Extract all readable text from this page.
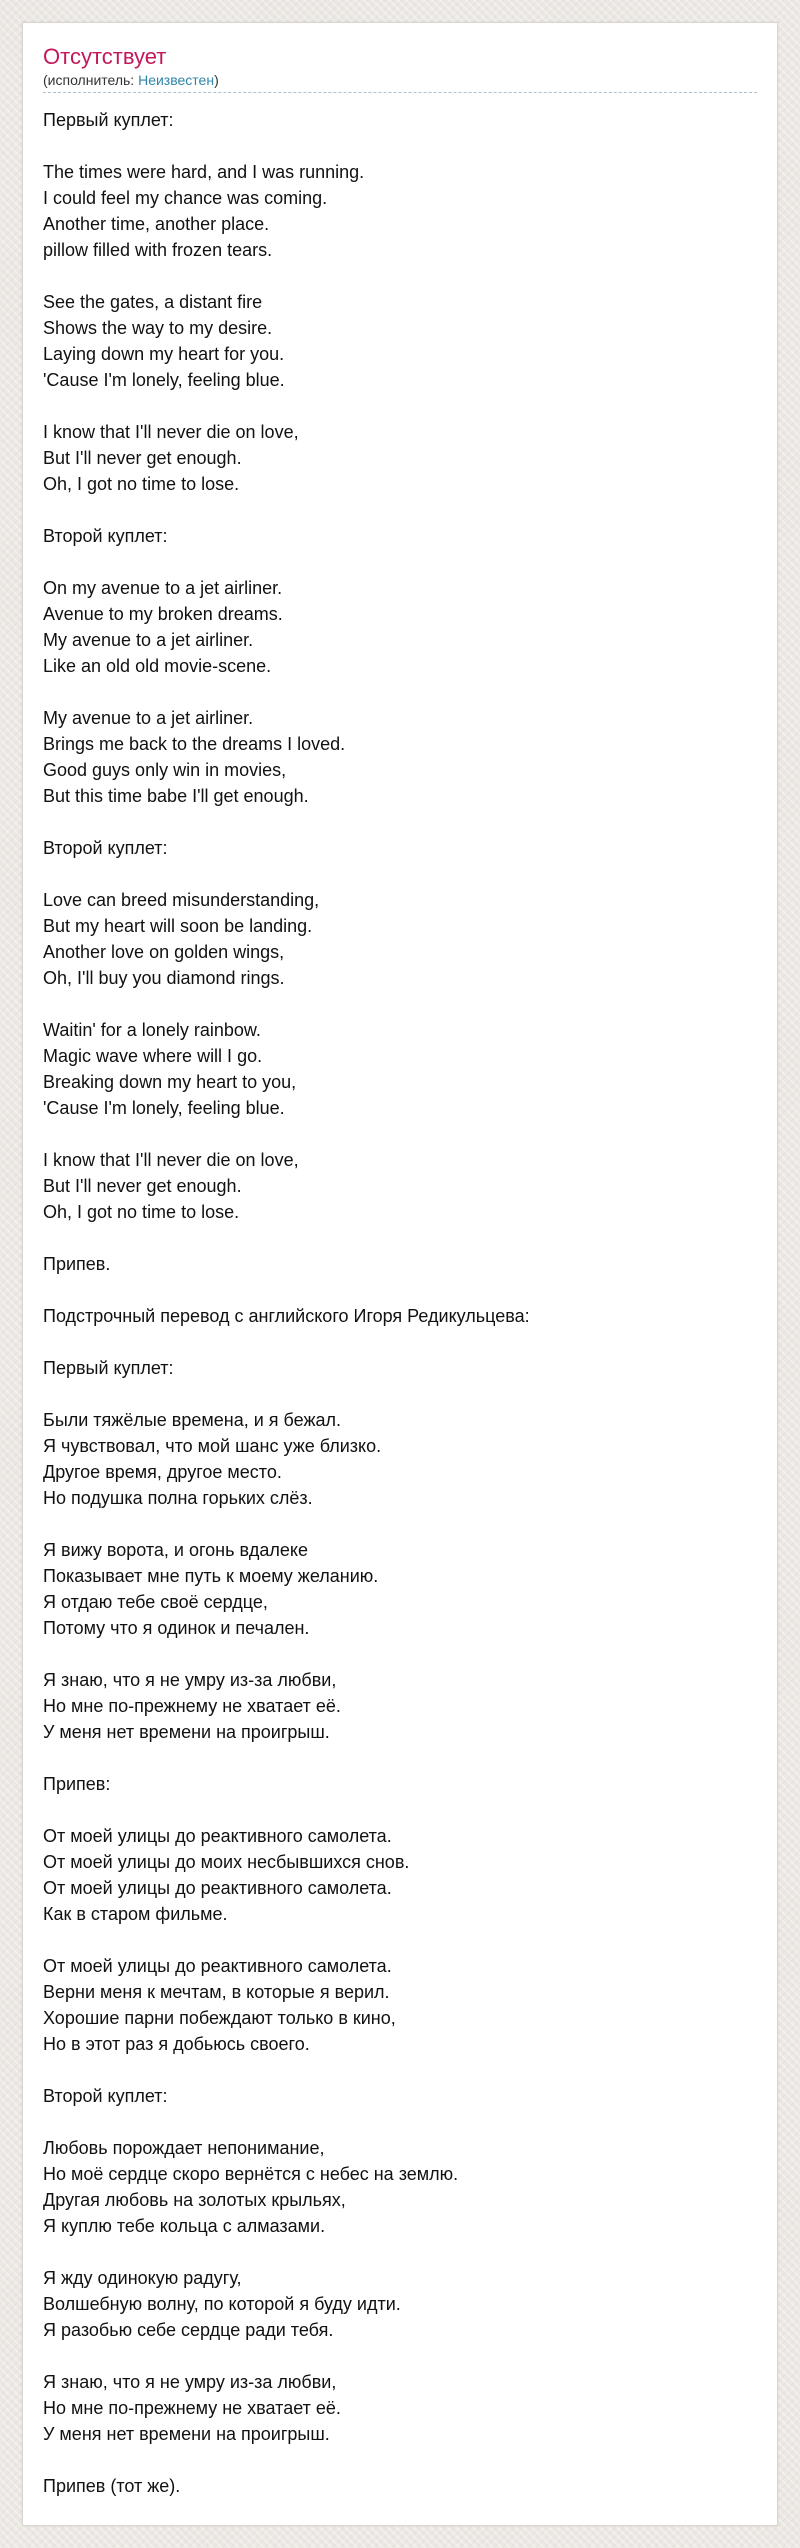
Отсутствует
(исполнитель: Неизвестен)
Первый куплет:
The times were hard, and I was running.
I could feel my chance was coming.
Another time, another place.
pillow filled with frozen tears.
See the gates, a distant fire
Shows the way to my desire.
Laying down my heart for you.
'Cause I'm lonely, feeling blue.
I know that I'll never die on love,
But I'll never get enough.
Oh, I got no time to lose.
Второй куплет:
On my avenue to a jet airliner.
Avenue to my broken dreams.
My avenue to a jet airliner.
Like an old old movie-scene.
My avenue to a jet airliner.
Brings me back to the dreams I loved.
Good guys only win in movies,
But this time babe I'll get enough.
Второй куплет:
Love can breed misunderstanding,
But my heart will soon be landing.
Another love on golden wings,
Oh, I'll buy you diamond rings.
Waitin' for a lonely rainbow.
Magic wave where will I go.
Breaking down my heart to you,
'Cause I'm lonely, feeling blue.
I know that I'll never die on love,
But I'll never get enough.
Oh, I got no time to lose.
Припев.
Подстрочный перевод с английского Игоря Редикульцева:
Первый куплет:
Были тяжёлые времена, и я бежал.
Я чувствовал, что мой шанс уже близко.
Другое время, другое место.
Но подушка полна горьких слёз.
Я вижу ворота, и огонь вдалеке
Показывает мне путь к моему желанию.
Я отдаю тебе своё сердце,
Потому что я одинок и печален.
Я знаю, что я не умру из-за любви,
Но мне по-прежнему не хватает её.
У меня нет времени на проигрыш.
Припев:
От моей улицы до реактивного самолета.
От моей улицы до моих несбывшихся снов.
От моей улицы до реактивного самолета.
Как в старом фильме.
От моей улицы до реактивного самолета.
Верни меня к мечтам, в которые я верил.
Хорошие парни побеждают только в кино,
Но в этот раз я добьюсь своего.
Второй куплет:
Любовь порождает непонимание,
Но моё сердце скоро вернётся с небес на землю.
Другая любовь на золотых крыльях,
Я куплю тебе кольца с алмазами.
Я жду одинокую радугу,
Волшебную волну, по которой я буду идти.
Я разобью себе сердце ради тебя.
Я знаю, что я не умру из-за любви,
Но мне по-прежнему не хватает её.
У меня нет времени на проигрыш.
Припев (тот же).
